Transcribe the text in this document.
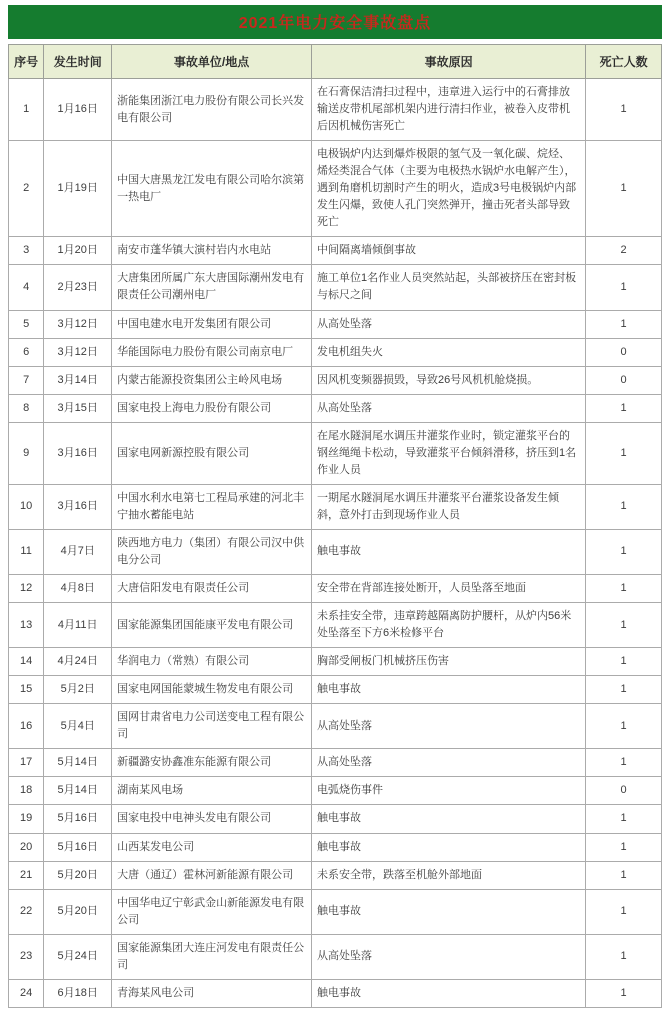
2021年电力安全事故盘点
序号	发生时间	事故单位/地点	事故原因	死亡人数
1	1月16日	浙能集团浙江电力股份有限公司长兴发电有限公司	在石膏保洁清扫过程中，违章进入运行中的石膏排放输送皮带机尾部机架内进行清扫作业，被卷入皮带机后因机械伤害死亡	1
2	1月19日	中国大唐黑龙江发电有限公司哈尔滨第一热电厂	电极锅炉内达到爆炸极限的氢气及一氧化碳、烷烃、烯烃类混合气体（主要为电极热水锅炉水电解产生），遇到角磨机切割时产生的明火，造成3号电极锅炉内部发生闪爆，致使人孔门突然弹开，撞击死者头部导致死亡	1
3	1月20日	南安市蓬华镇大演村岩内水电站	中间隔离墙倾倒事故	2
4	2月23日	大唐集团所属广东大唐国际潮州发电有限责任公司潮州电厂	施工单位1名作业人员突然站起，头部被挤压在密封板与标尺之间	1
5	3月12日	中国电建水电开发集团有限公司	从高处坠落	1
6	3月12日	华能国际电力股份有限公司南京电厂	发电机组失火	0
7	3月14日	内蒙古能源投资集团公主岭风电场	因风机变频器损毁，导致26号风机机舱烧损。	0
8	3月15日	国家电投上海电力股份有限公司	从高处坠落	1
9	3月16日	国家电网新源控股有限公司	在尾水隧洞尾水调压井灌浆作业时，锁定灌浆平台的钢丝绳绳卡松动，导致灌浆平台倾斜滑移，挤压到1名作业人员	1
10	3月16日	中国水利水电第七工程局承建的河北丰宁抽水蓄能电站	一期尾水隧洞尾水调压井灌浆平台灌浆设备发生倾斜，意外打击到现场作业人员	1
11	4月7日	陕西地方电力（集团）有限公司汉中供电分公司	触电事故	1
12	4月8日	大唐信阳发电有限责任公司	安全带在背部连接处断开，人员坠落至地面	1
13	4月11日	国家能源集团国能康平发电有限公司	未系挂安全带，违章跨越隔离防护腰杆，从炉内56米处坠落至下方6米检修平台	1
14	4月24日	华润电力（常熟）有限公司	胸部受闸板门机械挤压伤害	1
15	5月2日	国家电网国能蒙城生物发电有限公司	触电事故	1
16	5月4日	国网甘肃省电力公司送变电工程有限公司	从高处坠落	1
17	5月14日	新疆潞安协鑫准东能源有限公司	从高处坠落	1
18	5月14日	湖南某风电场	电弧烧伤事件	0
19	5月16日	国家电投中电神头发电有限公司	触电事故	1
20	5月16日	山西某发电公司	触电事故	1
21	5月20日	大唐（通辽）霍林河新能源有限公司	未系安全带，跌落至机舱外部地面	1
22	5月20日	中国华电辽宁彰武金山新能源发电有限公司	触电事故	1
23	5月24日	国家能源集团大连庄河发电有限责任公司	从高处坠落	1
24	6月18日	青海某风电公司	触电事故	1
